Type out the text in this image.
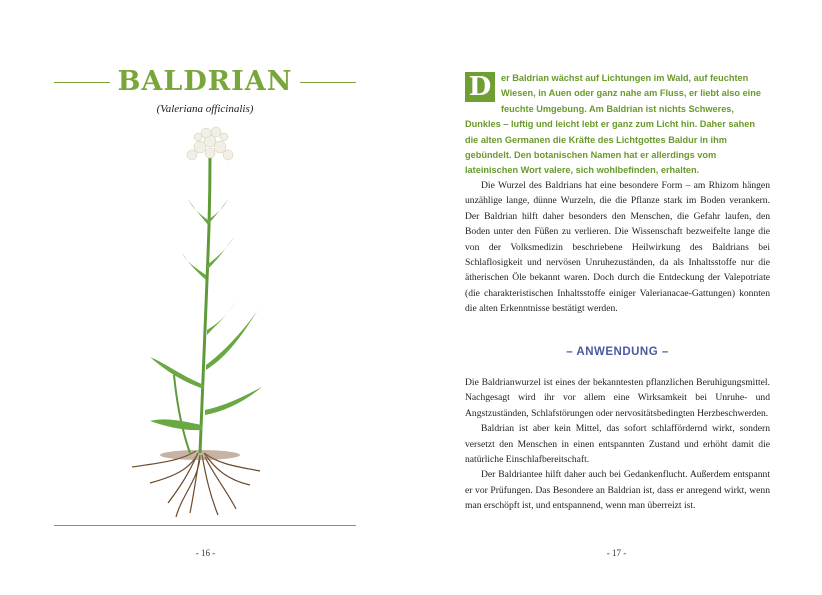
BALDRIAN
(Valeriana officinalis)
- 16 -
D	er Baldrian wächst auf Lichtungen im Wald, auf feuchten Wiesen, in Auen oder ganz nahe am Fluss, er liebt also eine feuchte Umgebung. Am Baldrian ist nichts Schweres, Dunkles – luftig und leicht lebt er ganz zum Licht hin. Daher sahen die alten Germanen die Kräfte des Lichtgottes Baldur in ihm gebündelt. Den botanischen Namen hat er allerdings vom lateinischen Wort valere, sich wohlbefinden, erhalten.

Die Wurzel des Baldrians hat eine besondere Form – am Rhizom hängen unzählige lange, dünne Wurzeln, die die Pflanze stark im Boden verankern. Der Baldrian hilft daher besonders den Menschen, die Gefahr laufen, den Boden unter den Füßen zu verlieren. Die Wissenschaft bezweifelte lange die von der Volksmedizin beschriebene Heilwirkung des Baldrians bei Schlaflosigkeit und nervösen Unruhezuständen, da als Inhaltsstoffe nur die ätherischen Öle bekannt waren. Doch durch die Entdeckung der Valepotriate (die charakteristischen Inhaltsstoffe einiger Valerianacae-Gattungen) konnten die alten Erkenntnisse bestätigt werden.

– ANWENDUNG –

Die Baldrianwurzel ist eines der bekanntesten pflanzlichen Beruhigungsmittel. Nachgesagt wird ihr vor allem eine Wirksamkeit bei Unruhe- und Angstzuständen, Schlafstörungen oder nervositätsbedingten Herzbeschwerden.

Baldrian ist aber kein Mittel, das sofort schlaffördernd wirkt, sondern versetzt den Menschen in einen entspannten Zustand und erhöht damit die natürliche Einschlafbereitschaft.

Der Baldriantee hilft daher auch bei Gedankenflucht. Außerdem entspannt er vor Prüfungen. Das Besondere an Baldrian ist, dass er anregend wirkt, wenn man erschöpft ist, und entspannend, wenn man überreizt ist.

- 17 -
